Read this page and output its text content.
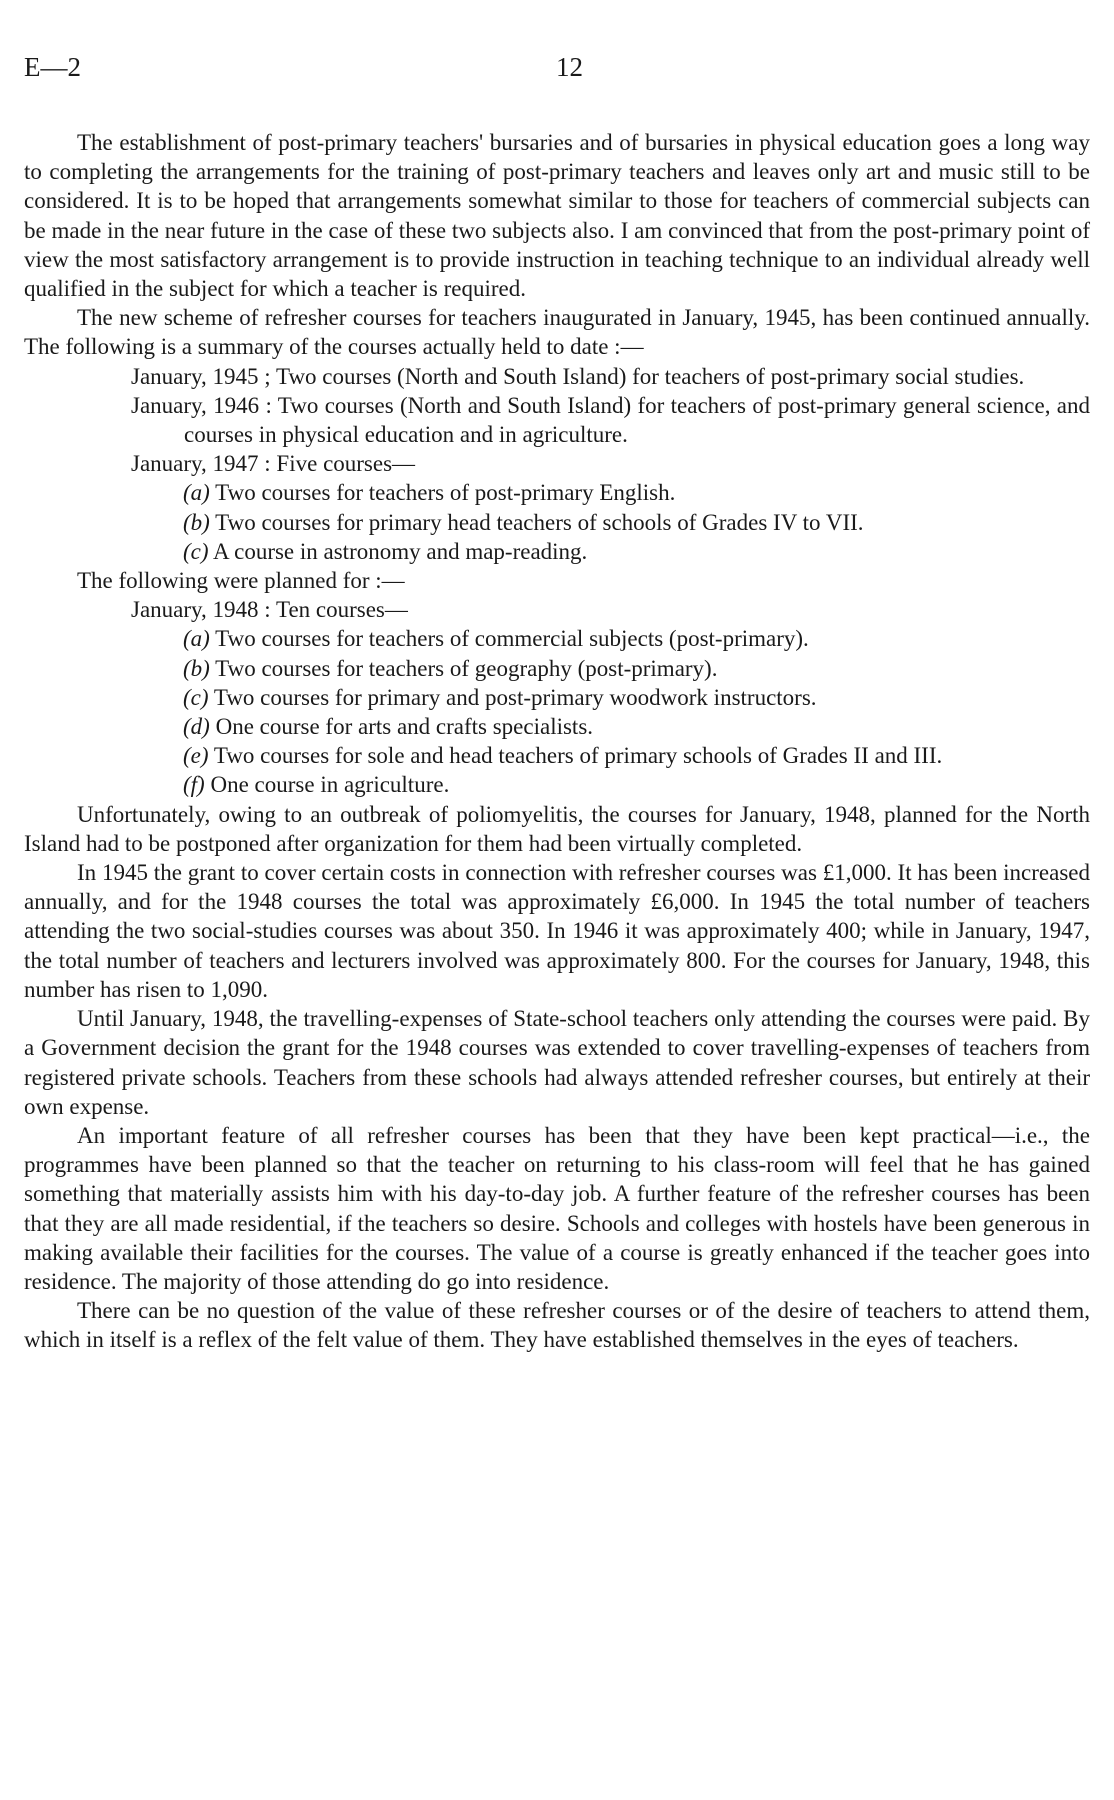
E—2	12

The establishment of post-primary teachers' bursaries and of bursaries in physical education goes a long way to completing the arrangements for the training of post-primary teachers and leaves only art and music still to be considered. It is to be hoped that arrangements somewhat similar to those for teachers of commercial subjects can be made in the near future in the case of these two subjects also. I am convinced that from the post-primary point of view the most satisfactory arrangement is to provide instruction in teaching technique to an individual already well qualified in the subject for which a teacher is required.

The new scheme of refresher courses for teachers inaugurated in January, 1945, has been continued annually. The following is a summary of the courses actually held to date :—

January, 1945 ; Two courses (North and South Island) for teachers of post-primary social studies.

January, 1946 : Two courses (North and South Island) for teachers of post-primary general science, and courses in physical education and in agriculture.

January, 1947 : Five courses—

(a) Two courses for teachers of post-primary English.

(b) Two courses for primary head teachers of schools of Grades IV to VII.

(c) A course in astronomy and map-reading.

The following were planned for :—

January, 1948 : Ten courses—

(a) Two courses for teachers of commercial subjects (post-primary).

(b) Two courses for teachers of geography (post-primary).

(c) Two courses for primary and post-primary woodwork instructors.

(d) One course for arts and crafts specialists.

(e) Two courses for sole and head teachers of primary schools of Grades II and III.

(f) One course in agriculture.

Unfortunately, owing to an outbreak of poliomyelitis, the courses for January, 1948, planned for the North Island had to be postponed after organization for them had been virtually completed.

In 1945 the grant to cover certain costs in connection with refresher courses was £1,000. It has been increased annually, and for the 1948 courses the total was approximately £6,000. In 1945 the total number of teachers attending the two social-studies courses was about 350. In 1946 it was approximately 400; while in January, 1947, the total number of teachers and lecturers involved was approximately 800. For the courses for January, 1948, this number has risen to 1,090.

Until January, 1948, the travelling-expenses of State-school teachers only attending the courses were paid. By a Government decision the grant for the 1948 courses was extended to cover travelling-expenses of teachers from registered private schools. Teachers from these schools had always attended refresher courses, but entirely at their own expense.

An important feature of all refresher courses has been that they have been kept practical—i.e., the programmes have been planned so that the teacher on returning to his class-room will feel that he has gained something that materially assists him with his day-to-day job. A further feature of the refresher courses has been that they are all made residential, if the teachers so desire. Schools and colleges with hostels have been generous in making available their facilities for the courses. The value of a course is greatly enhanced if the teacher goes into residence. The majority of those attending do go into residence.

There can be no question of the value of these refresher courses or of the desire of teachers to attend them, which in itself is a reflex of the felt value of them. They have established themselves in the eyes of teachers.
